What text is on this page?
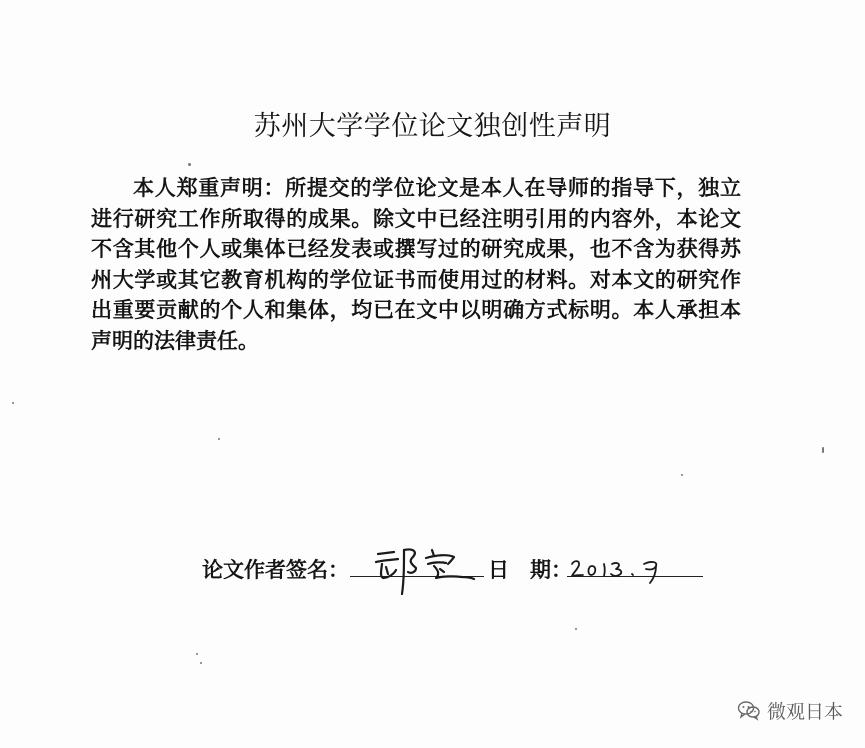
苏州大学学位论文独创性声明

本人郑重声明：所提交的学位论文是本人在导师的指导下，独立进行研究工作所取得的成果。除文中已经注明引用的内容外，本论文不含其他个人或集体已经发表或撰写过的研究成果，也不含为获得苏州大学或其它教育机构的学位证书而使用过的材料。对本文的研究作出重要贡献的个人和集体，均已在文中以明确方式标明。本人承担本声明的法律责任。

论文作者签名：	日　期：
微观日本
